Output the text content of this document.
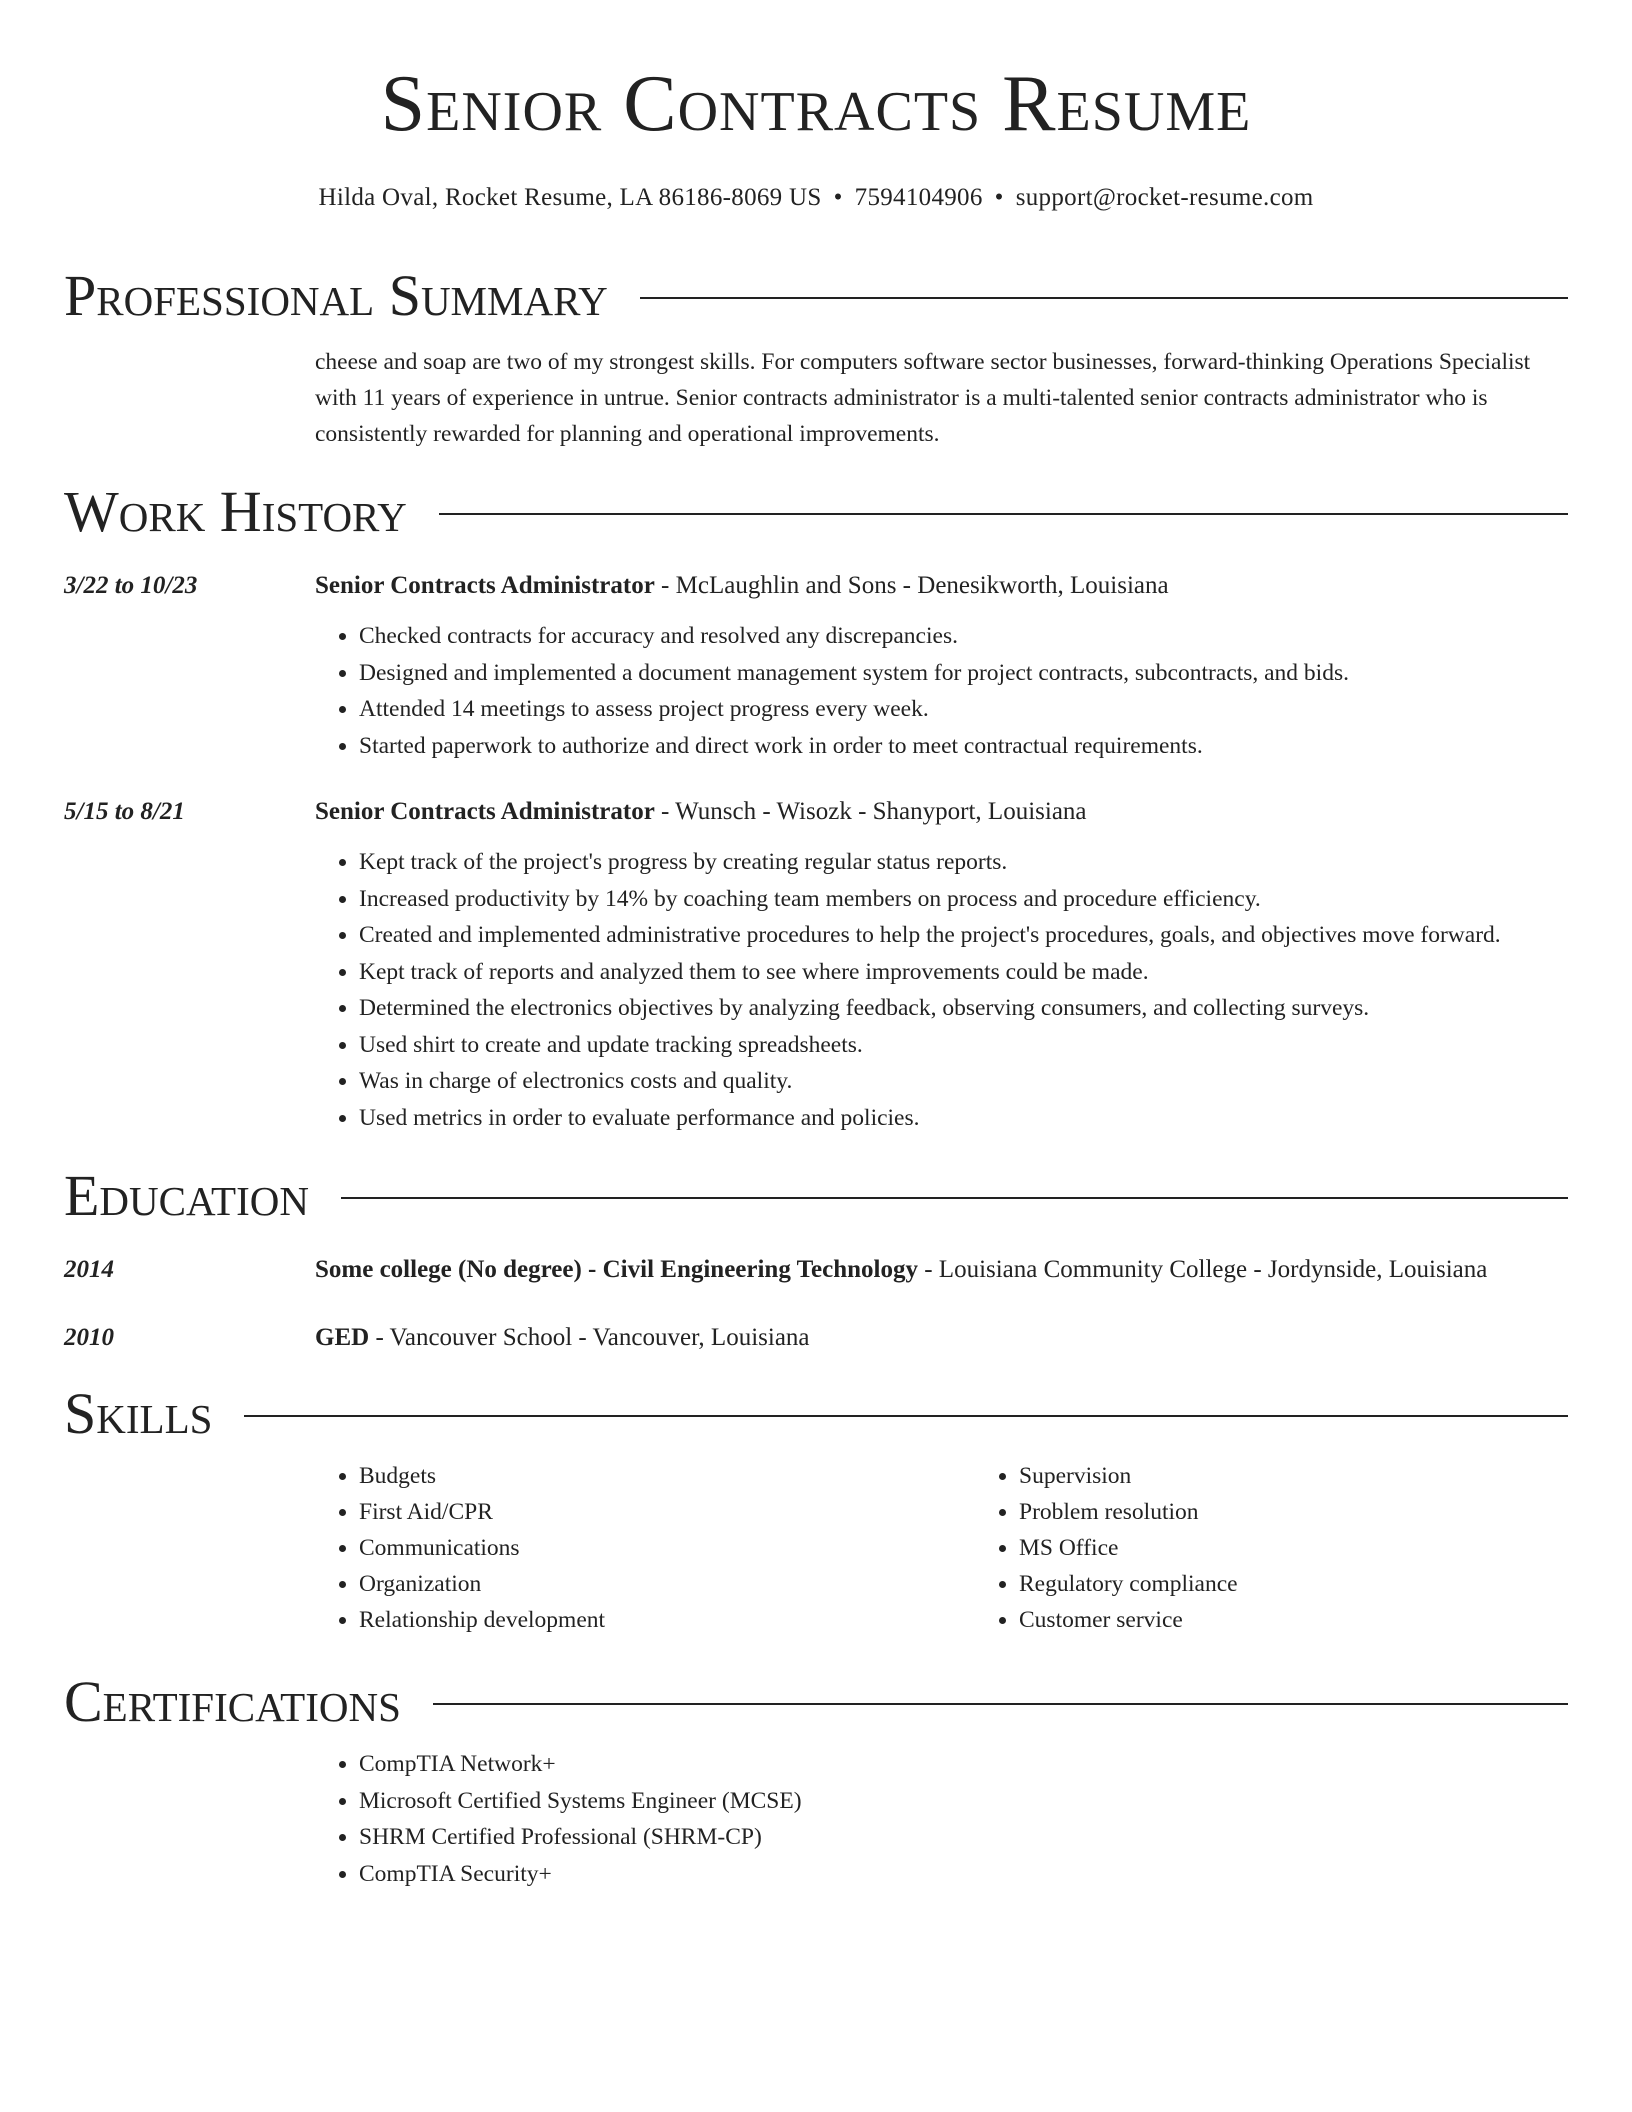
Senior Contracts Resume
Hilda Oval, Rocket Resume, LA 86186-8069 US • 7594104906 • support@rocket-resume.com
Professional Summary
cheese and soap are two of my strongest skills. For computers software sector businesses, forward-thinking Operations Specialist with 11 years of experience in untrue. Senior contracts administrator is a multi-talented senior contracts administrator who is consistently rewarded for planning and operational improvements.
Work History
3/22 to 10/23	Senior Contracts Administrator - McLaughlin and Sons - Denesikworth, Louisiana
• Checked contracts for accuracy and resolved any discrepancies.
• Designed and implemented a document management system for project contracts, subcontracts, and bids.
• Attended 14 meetings to assess project progress every week.
• Started paperwork to authorize and direct work in order to meet contractual requirements.
5/15 to 8/21	Senior Contracts Administrator - Wunsch - Wisozk - Shanyport, Louisiana
• Kept track of the project's progress by creating regular status reports.
• Increased productivity by 14% by coaching team members on process and procedure efficiency.
• Created and implemented administrative procedures to help the project's procedures, goals, and objectives move forward.
• Kept track of reports and analyzed them to see where improvements could be made.
• Determined the electronics objectives by analyzing feedback, observing consumers, and collecting surveys.
• Used shirt to create and update tracking spreadsheets.
• Was in charge of electronics costs and quality.
• Used metrics in order to evaluate performance and policies.
Education
2014	Some college (No degree) - Civil Engineering Technology - Louisiana Community College - Jordynside, Louisiana
2010	GED - Vancouver School - Vancouver, Louisiana
Skills
• Budgets
• First Aid/CPR
• Communications
• Organization
• Relationship development
• Supervision
• Problem resolution
• MS Office
• Regulatory compliance
• Customer service
Certifications
• CompTIA Network+
• Microsoft Certified Systems Engineer (MCSE)
• SHRM Certified Professional (SHRM-CP)
• CompTIA Security+
